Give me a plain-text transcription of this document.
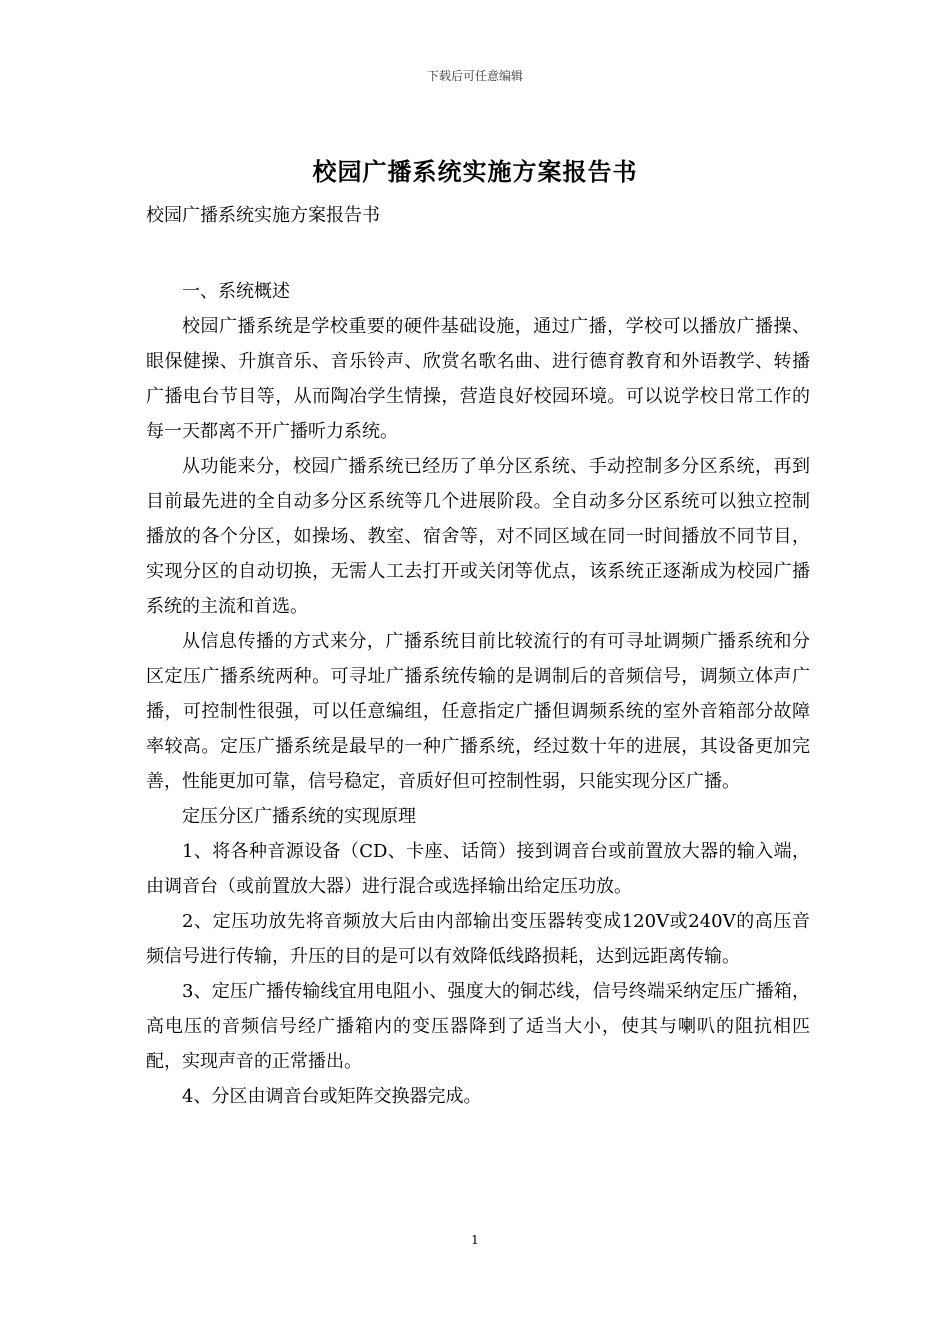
下载后可任意编辑
校园广播系统实施方案报告书
校园广播系统实施方案报告书

一、系统概述

校园广播系统是学校重要的硬件基础设施，通过广播，学校可以播放广播操、眼保健操、升旗音乐、音乐铃声、欣赏名歌名曲、进行德育教育和外语教学、转播广播电台节目等，从而陶冶学生情操，营造良好校园环境。可以说学校日常工作的每一天都离不开广播听力系统。

从功能来分，校园广播系统已经历了单分区系统、手动控制多分区系统，再到目前最先进的全自动多分区系统等几个进展阶段。全自动多分区系统可以独立控制播放的各个分区，如操场、教室、宿舍等，对不同区域在同一时间播放不同节目，实现分区的自动切换，无需人工去打开或关闭等优点，该系统正逐渐成为校园广播系统的主流和首选。

从信息传播的方式来分，广播系统目前比较流行的有可寻址调频广播系统和分区定压广播系统两种。可寻址广播系统传输的是调制后的音频信号，调频立体声广播，可控制性很强，可以任意编组，任意指定广播但调频系统的室外音箱部分故障率较高。定压广播系统是最早的一种广播系统，经过数十年的进展，其设备更加完善，性能更加可靠，信号稳定，音质好但可控制性弱，只能实现分区广播。

定压分区广播系统的实现原理

1、将各种音源设备（CD、卡座、话筒）接到调音台或前置放大器的输入端，由调音台（或前置放大器）进行混合或选择输出给定压功放。

2、定压功放先将音频放大后由内部输出变压器转变成120V或240V的高压音频信号进行传输，升压的目的是可以有效降低线路损耗，达到远距离传输。

3、定压广播传输线宜用电阻小、强度大的铜芯线，信号终端采纳定压广播箱，高电压的音频信号经广播箱内的变压器降到了适当大小，使其与喇叭的阻抗相匹配，实现声音的正常播出。

4、分区由调音台或矩阵交换器完成。

1
